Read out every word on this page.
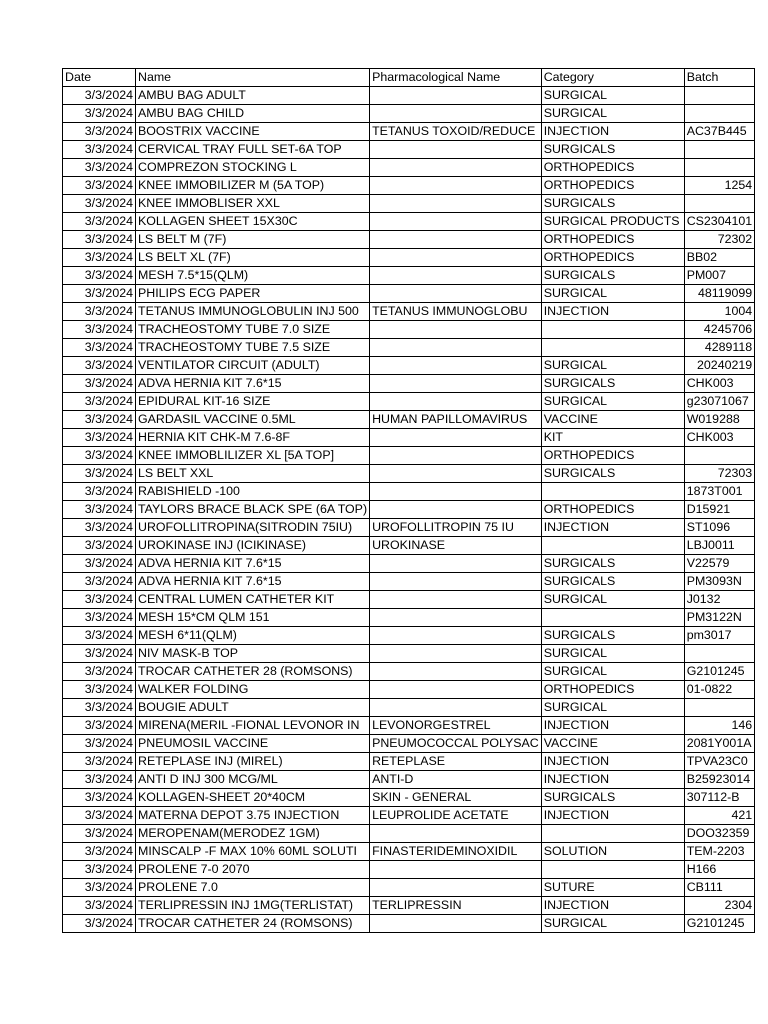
Date	Name	Pharmacological Name	Category	Batch
3/3/2024	AMBU BAG ADULT		SURGICAL	
3/3/2024	AMBU BAG CHILD		SURGICAL	
3/3/2024	BOOSTRIX VACCINE	TETANUS TOXOID/REDUCE	INJECTION	AC37B445
3/3/2024	CERVICAL TRAY FULL SET-6A TOP		SURGICALS	
3/3/2024	COMPREZON STOCKING L		ORTHOPEDICS	
3/3/2024	KNEE IMMOBILIZER M (5A TOP)		ORTHOPEDICS	1254
3/3/2024	KNEE IMMOBLISER XXL		SURGICALS	
3/3/2024	KOLLAGEN SHEET 15X30C		SURGICAL PRODUCTS	CS2304101
3/3/2024	LS BELT M (7F)		ORTHOPEDICS	72302
3/3/2024	LS BELT XL (7F)		ORTHOPEDICS	BB02
3/3/2024	MESH 7.5*15(QLM)		SURGICALS	PM007
3/3/2024	PHILIPS ECG PAPER		SURGICAL	48119099
3/3/2024	TETANUS IMMUNOGLOBULIN INJ 500	TETANUS IMMUNOGLOBU	INJECTION	1004
3/3/2024	TRACHEOSTOMY TUBE 7.0 SIZE			4245706
3/3/2024	TRACHEOSTOMY TUBE 7.5 SIZE			4289118
3/3/2024	VENTILATOR CIRCUIT (ADULT)		SURGICAL	20240219
3/3/2024	ADVA HERNIA KIT 7.6*15		SURGICALS	CHK003
3/3/2024	EPIDURAL KIT-16 SIZE		SURGICAL	g23071067
3/3/2024	GARDASIL VACCINE 0.5ML	HUMAN PAPILLOMAVIRUS	VACCINE	W019288
3/3/2024	HERNIA KIT CHK-M 7.6-8F		KIT	CHK003
3/3/2024	KNEE IMMOBLILIZER XL [5A TOP]		ORTHOPEDICS	
3/3/2024	LS BELT XXL		SURGICALS	72303
3/3/2024	RABISHIELD -100			1873T001
3/3/2024	TAYLORS BRACE BLACK SPE (6A TOP)		ORTHOPEDICS	D15921
3/3/2024	UROFOLLITROPINA(SITRODIN 75IU)	UROFOLLITROPIN 75 IU	INJECTION	ST1096
3/3/2024	UROKINASE INJ (ICIKINASE)	UROKINASE		LBJ0011
3/3/2024	ADVA HERNIA KIT 7.6*15		SURGICALS	V22579
3/3/2024	ADVA HERNIA KIT 7.6*15		SURGICALS	PM3093N
3/3/2024	CENTRAL LUMEN CATHETER KIT		SURGICAL	J0132
3/3/2024	MESH 15*CM QLM 151			PM3122N
3/3/2024	MESH 6*11(QLM)		SURGICALS	pm3017
3/3/2024	NIV MASK-B TOP		SURGICAL	
3/3/2024	TROCAR CATHETER 28 (ROMSONS)		SURGICAL	G2101245
3/3/2024	WALKER FOLDING		ORTHOPEDICS	01-0822
3/3/2024	BOUGIE ADULT		SURGICAL	
3/3/2024	MIRENA(MERIL -FIONAL LEVONOR IN	LEVONORGESTREL	INJECTION	146
3/3/2024	PNEUMOSIL VACCINE	PNEUMOCOCCAL POLYSAC	VACCINE	2081Y001A
3/3/2024	RETEPLASE INJ (MIREL)	RETEPLASE	INJECTION	TPVA23C0
3/3/2024	ANTI D INJ 300 MCG/ML	ANTI-D	INJECTION	B25923014
3/3/2024	KOLLAGEN-SHEET 20*40CM	SKIN - GENERAL	SURGICALS	307112-B
3/3/2024	MATERNA DEPOT 3.75 INJECTION	LEUPROLIDE ACETATE	INJECTION	421
3/3/2024	MEROPENAM(MERODEZ 1GM)			DOO32359
3/3/2024	MINSCALP -F MAX 10% 60ML SOLUTI	FINASTERIDEMINOXIDIL	SOLUTION	TEM-2203
3/3/2024	PROLENE 7-0 2070			H166
3/3/2024	PROLENE 7.0		SUTURE	CB111
3/3/2024	TERLIPRESSIN INJ 1MG(TERLISTAT)	TERLIPRESSIN	INJECTION	2304
3/3/2024	TROCAR CATHETER 24 (ROMSONS)		SURGICAL	G2101245
